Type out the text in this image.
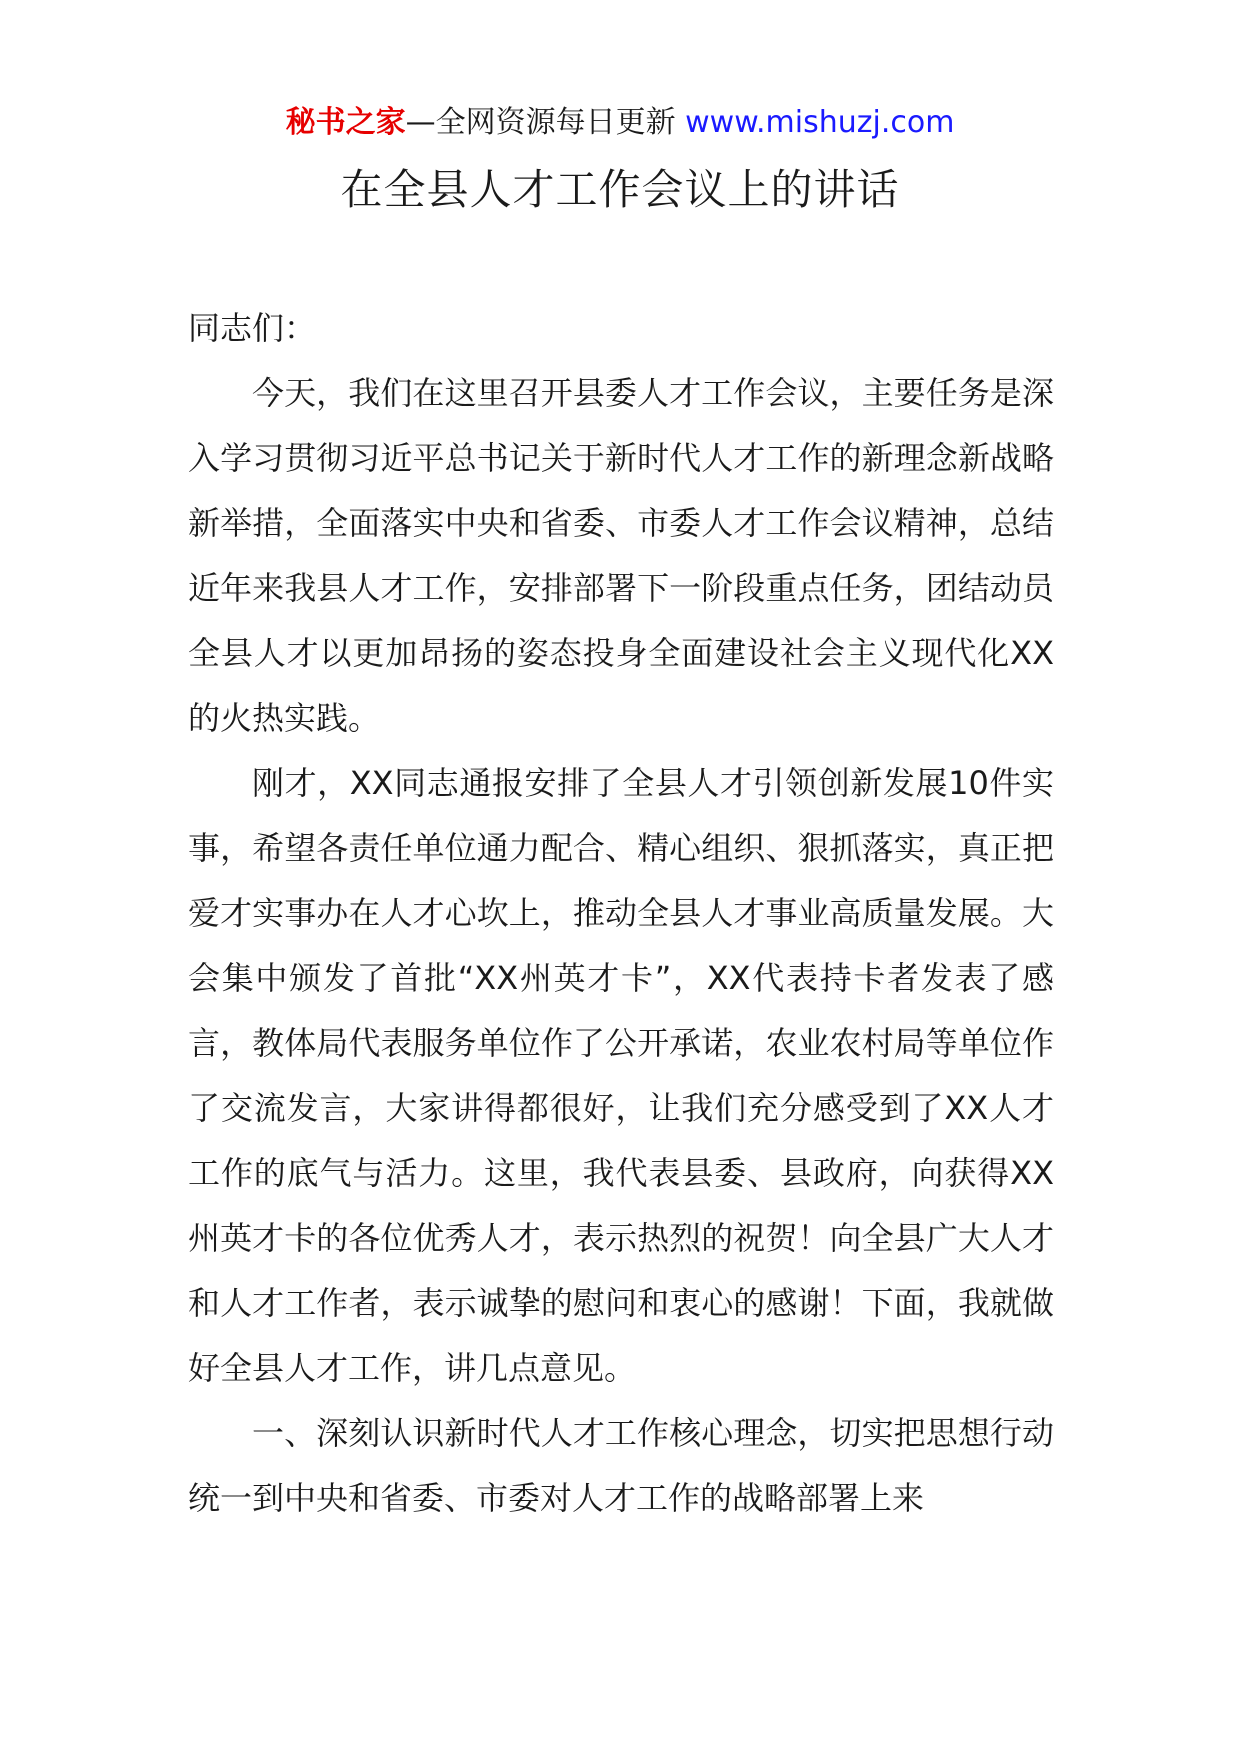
秘书之家—全网资源每日更新 www.mishuzj.com
在全县人才工作会议上的讲话

同志们：

今天，我们在这里召开县委人才工作会议，主要任务是深入学习贯彻习近平总书记关于新时代人才工作的新理念新战略新举措，全面落实中央和省委、市委人才工作会议精神，总结近年来我县人才工作，安排部署下一阶段重点任务，团结动员全县人才以更加昂扬的姿态投身全面建设社会主义现代化XX的火热实践。

刚才，XX同志通报安排了全县人才引领创新发展10件实事，希望各责任单位通力配合、精心组织、狠抓落实，真正把爱才实事办在人才心坎上，推动全县人才事业高质量发展。大会集中颁发了首批“XX州英才卡”，XX代表持卡者发表了感言，教体局代表服务单位作了公开承诺，农业农村局等单位作了交流发言，大家讲得都很好，让我们充分感受到了XX人才工作的底气与活力。这里，我代表县委、县政府，向获得XX州英才卡的各位优秀人才，表示热烈的祝贺！向全县广大人才和人才工作者，表示诚挚的慰问和衷心的感谢！下面，我就做好全县人才工作，讲几点意见。

一、深刻认识新时代人才工作核心理念，切实把思想行动统一到中央和省委、市委对人才工作的战略部署上来
